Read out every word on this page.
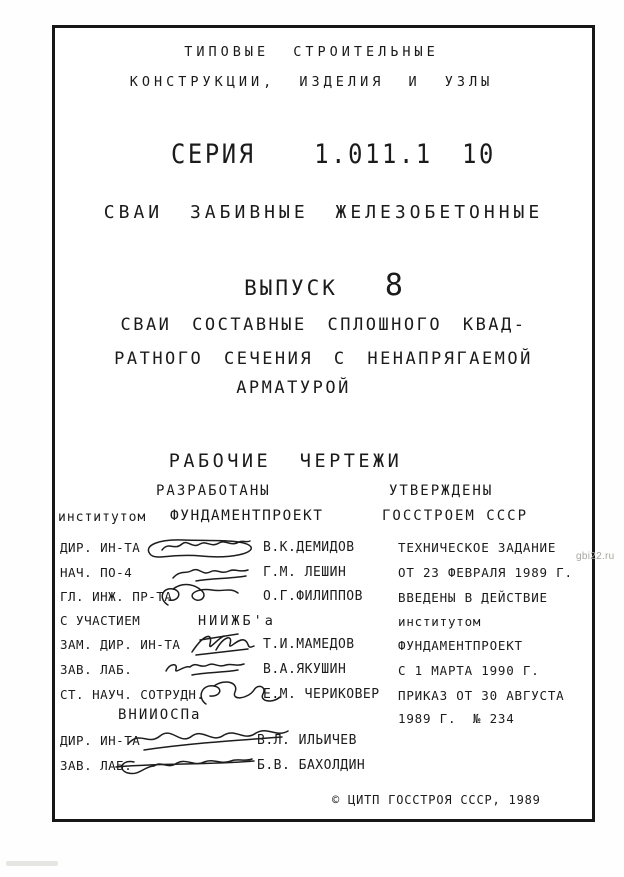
ТИПОВЫЕ СТРОИТЕЛЬНЫЕ
КОНСТРУКЦИИ, ИЗДЕЛИЯ И УЗЛЫ
СЕРИЯ 1.011.1 10
СВАИ ЗАБИВНЫЕ ЖЕЛЕЗОБЕТОННЫЕ
ВЫПУСК 8
СВАИ СОСТАВНЫЕ СПЛОШНОГО КВАД-
РАТНОГО СЕЧЕНИЯ С НЕНАПРЯГАЕМОЙ
АРМАТУРОЙ
РАБОЧИЕ ЧЕРТЕЖИ
РАЗРАБОТАНЫ	УТВЕРЖДЕНЫ
институтом ФУНДАМЕНТПРОЕКТ	ГОССТРОЕМ СССР
ДИР. ИН-ТА	В.К.ДЕМИДОВ
НАЧ. ПО-4	Г.М. ЛЕШИН
ГЛ. ИНЖ. ПР-ТА	О.Г.ФИЛИППОВ
С УЧАСТИЕМ	НИИЖБ'а
ЗАМ. ДИР. ИН-ТА	Т.И.МАМЕДОВ
ЗАВ. ЛАБ.	В.А.ЯКУШИН
СТ. НАУЧ. СОТРУДН.	Е.М. ЧЕРИКОВЕР
ВНИИОСПа
ДИР. ИН-ТА	В.Л. ИЛЬИЧЕВ
ЗАВ. ЛАБ.	Б.В. БАХОЛДИН
ТЕХНИЧЕСКОЕ ЗАДАНИЕ
ОТ 23 ФЕВРАЛЯ 1989 Г.
ВВЕДЕНЫ В ДЕЙСТВИЕ
институтом
ФУНДАМЕНТПРОЕКТ
С 1 МАРТА 1990 Г.
ПРИКАЗ ОТ 30 АВГУСТА
1989 Г.  № 234
© ЦИТП ГОССТРОЯ СССР, 1989
gbi22.ru
